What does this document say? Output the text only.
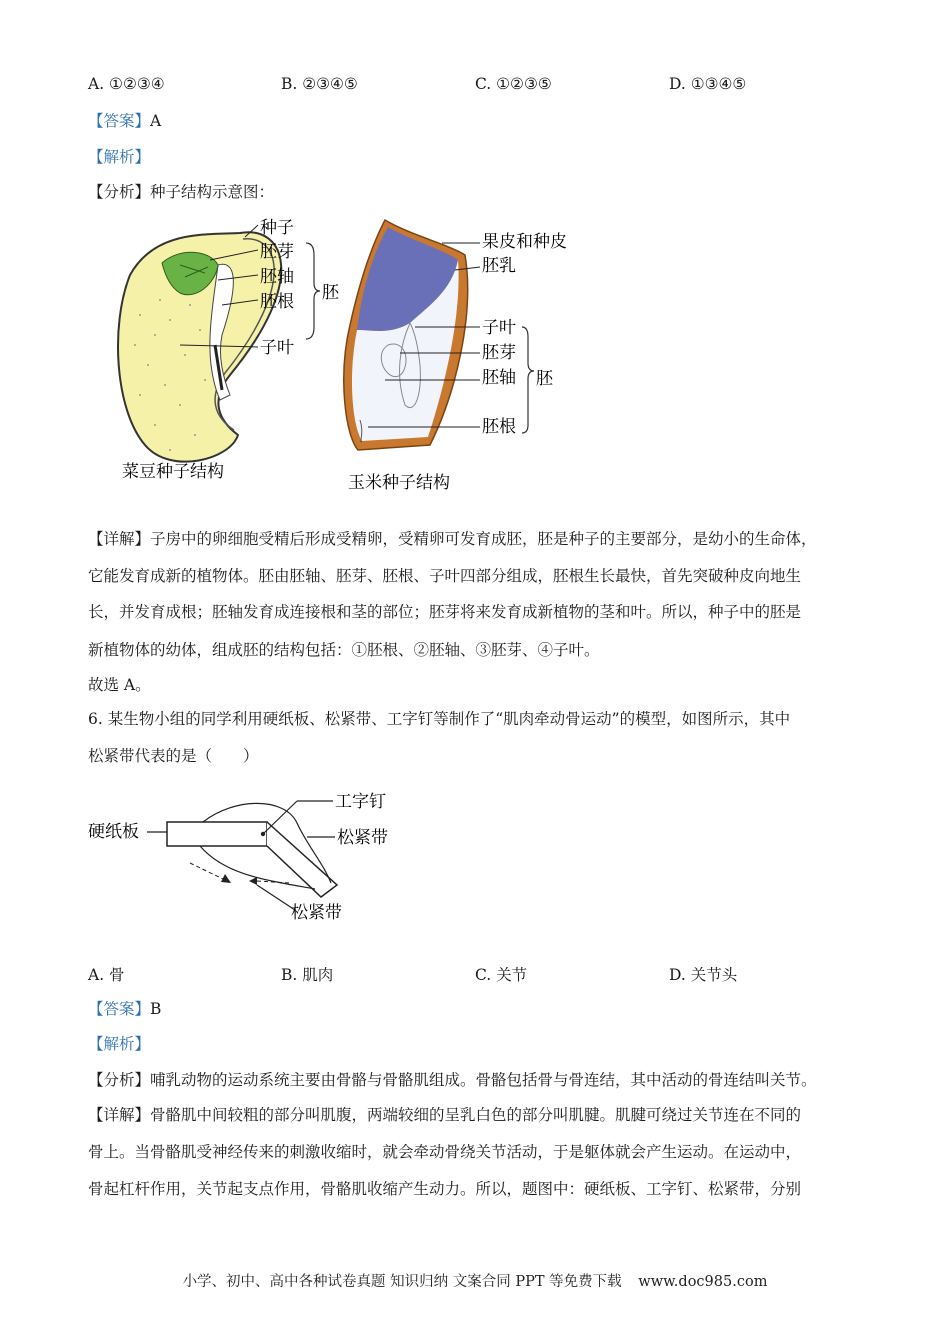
A. ①②③④	B. ②③④⑤	C. ①②③⑤	D. ①③④⑤
【答案】A
【解析】
【分析】种子结构示意图：
种子
胚芽
胚轴
胚根
子叶
胚
菜豆种子结构
果皮和种皮
胚乳
子叶
胚芽
胚轴
胚根
胚
玉米种子结构
【详解】子房中的卵细胞受精后形成受精卵，受精卵可发育成胚，胚是种子的主要部分，是幼小的生命体，
它能发育成新的植物体。胚由胚轴、胚芽、胚根、子叶四部分组成，胚根生长最快，首先突破种皮向地生
长，并发育成根；胚轴发育成连接根和茎的部位；胚芽将来发育成新植物的茎和叶。所以，种子中的胚是
新植物体的幼体，组成胚的结构包括：①胚根、②胚轴、③胚芽、④子叶。
故选 A。
6. 某生物小组的同学利用硬纸板、松紧带、工字钉等制作了“肌肉牵动骨运动”的模型，如图所示，其中
松紧带代表的是（　　）
硬纸板
工字钉
松紧带
松紧带
A. 骨	B. 肌肉	C. 关节	D. 关节头
【答案】B
【解析】
【分析】哺乳动物的运动系统主要由骨骼与骨骼肌组成。骨骼包括骨与骨连结，其中活动的骨连结叫关节。
【详解】骨骼肌中间较粗的部分叫肌腹，两端较细的呈乳白色的部分叫肌腱。肌腱可绕过关节连在不同的
骨上。当骨骼肌受神经传来的刺激收缩时，就会牵动骨绕关节活动，于是躯体就会产生运动。在运动中，
骨起杠杆作用，关节起支点作用，骨骼肌收缩产生动力。所以，题图中：硬纸板、工字钉、松紧带，分别
小学、初中、高中各种试卷真题 知识归纳 文案合同 PPT 等免费下载 www.doc985.com
